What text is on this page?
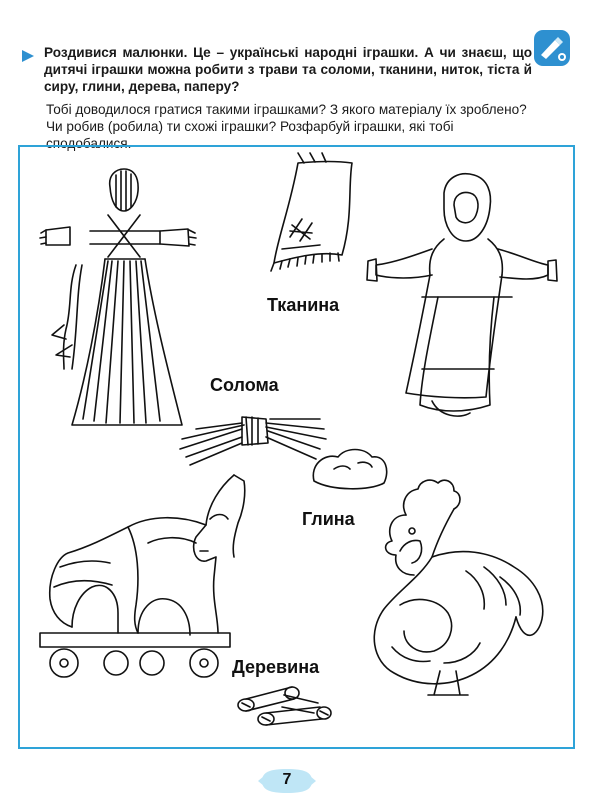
Роздивися малюнки. Це – українські народні іграшки. А чи знаєш, що дитячі іграшки можна робити з трави та соломи, тканини, ниток, тіста й сиру, глини, дерева, паперу?

Тобі доводилося гратися такими іграшками? З якого матеріалу їх зроблено? Чи робив (робила) ти схожі іграшки? Розфарбуй іграшки, які тобі сподобалися.

Тканина
Солома
Глина
Деревина
7
